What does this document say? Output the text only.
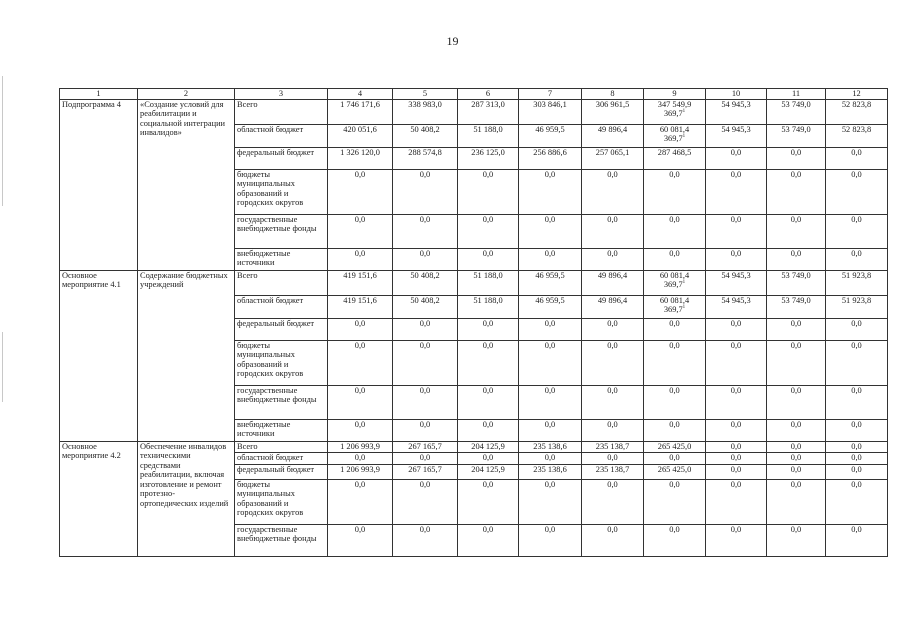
19
1	2	3	4	5	6	7	8	9	10	11	12
Подпрограмма 4	«Создание условий для реабилитации и социальной интеграции инвалидов»	Всего	1 746 171,6	338 983,0	287 313,0	303 846,1	306 961,5	347 549,9
369,7$^1$	54 945,3	53 749,0	52 823,8
		областной бюджет	420 051,6	50 408,2	51 188,0	46 959,5	49 896,4	60 081,4
369,7$^1$	54 945,3	53 749,0	52 823,8
		федеральный бюджет	1 326 120,0	288 574,8	236 125,0	256 886,6	257 065,1	287 468,5	0,0	0,0	0,0
		бюджеты муниципальных образований и городских округов	0,0	0,0	0,0	0,0	0,0	0,0	0,0	0,0	0,0
		государственные внебюджетные фонды	0,0	0,0	0,0	0,0	0,0	0,0	0,0	0,0	0,0
		внебюджетные источники	0,0	0,0	0,0	0,0	0,0	0,0	0,0	0,0	0,0
Основное мероприятие 4.1	Содержание бюджетных учреждений	Всего	419 151,6	50 408,2	51 188,0	46 959,5	49 896,4	60 081,4
369,7$^1$	54 945,3	53 749,0	51 923,8
		областной бюджет	419 151,6	50 408,2	51 188,0	46 959,5	49 896,4	60 081,4
369,7$^1$	54 945,3	53 749,0	51 923,8
		федеральный бюджет	0,0	0,0	0,0	0,0	0,0	0,0	0,0	0,0	0,0
		бюджеты муниципальных образований и городских округов	0,0	0,0	0,0	0,0	0,0	0,0	0,0	0,0	0,0
		государственные внебюджетные фонды	0,0	0,0	0,0	0,0	0,0	0,0	0,0	0,0	0,0
		внебюджетные источники	0,0	0,0	0,0	0,0	0,0	0,0	0,0	0,0	0,0
Основное мероприятие 4.2	Обеспечение инвалидов техническими средствами реабилитации, включая изготовление и ремонт протезно-ортопедических изделий	Всего	1 206 993,9	267 165,7	204 125,9	235 138,6	235 138,7	265 425,0	0,0	0,0	0,0
		областной бюджет	0,0	0,0	0,0	0,0	0,0	0,0	0,0	0,0	0,0
		федеральный бюджет	1 206 993,9	267 165,7	204 125,9	235 138,6	235 138,7	265 425,0	0,0	0,0	0,0
		бюджеты муниципальных образований и городских округов	0,0	0,0	0,0	0,0	0,0	0,0	0,0	0,0	0,0
		государственные внебюджетные фонды	0,0	0,0	0,0	0,0	0,0	0,0	0,0	0,0	0,0
